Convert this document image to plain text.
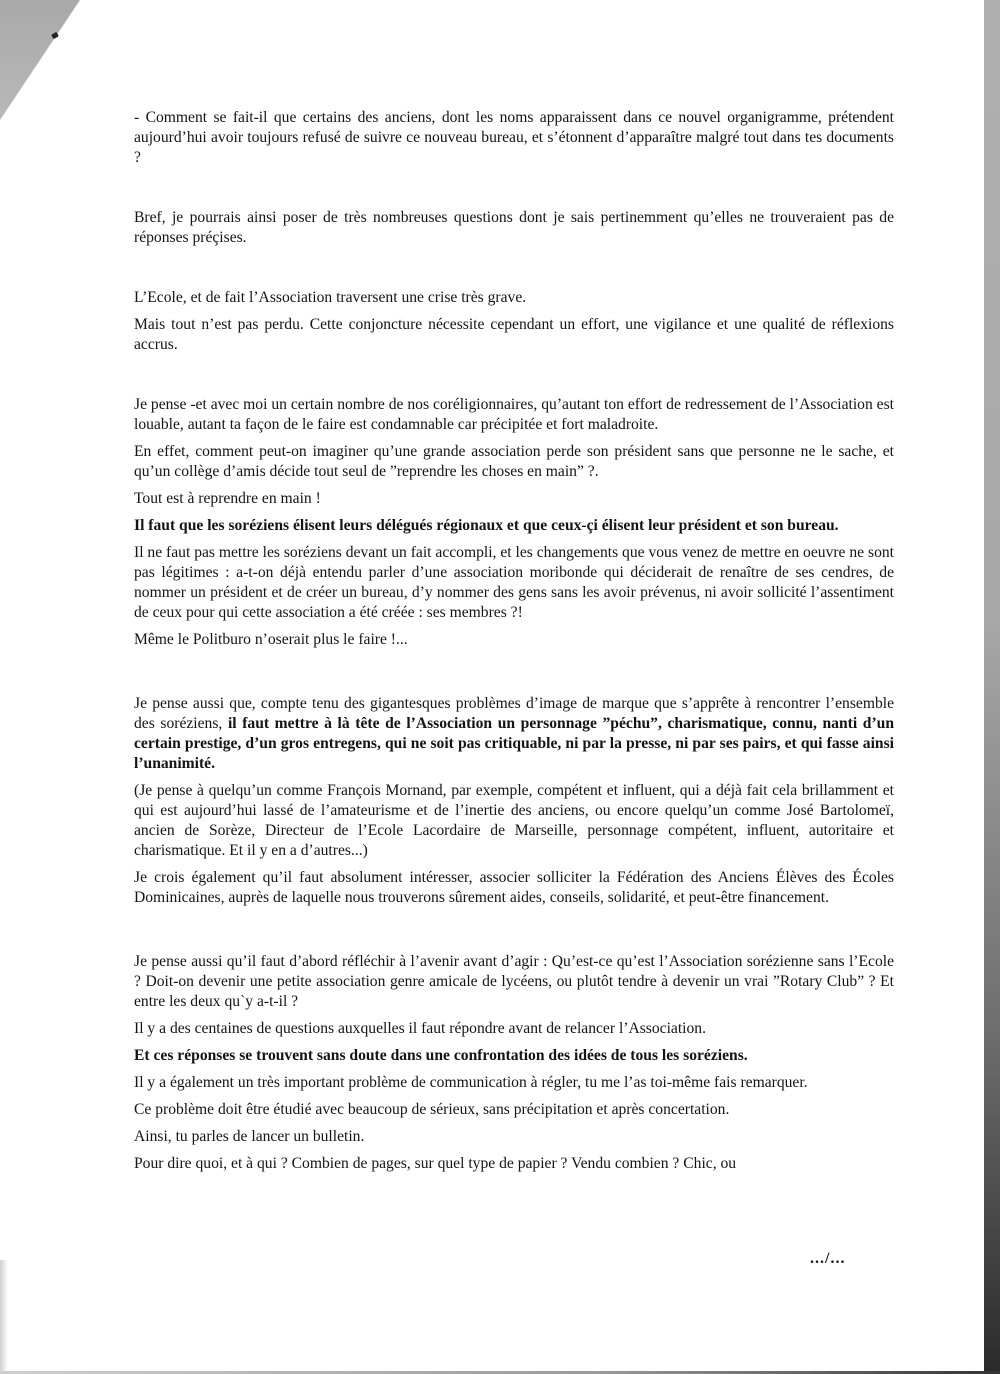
- Comment se fait-il que certains des anciens, dont les noms apparaissent dans ce nouvel organigramme, prétendent aujourd’hui avoir toujours refusé de suivre ce nouveau bureau, et s’étonnent d’apparaître malgré tout dans tes documents ?

Bref, je pourrais ainsi poser de très nombreuses questions dont je sais pertinemment qu’elles ne trouveraient pas de réponses préçises.

L’Ecole, et de fait l’Association traversent une crise très grave.

Mais tout n’est pas perdu. Cette conjoncture nécessite cependant un effort, une vigilance et une qualité de réflexions accrus.

Je pense -et avec moi un certain nombre de nos coréligionnaires, qu’autant ton effort de redressement de l’Association est louable, autant ta façon de le faire est condamnable car précipitée et fort maladroite.

En effet, comment peut-on imaginer qu’une grande association perde son président sans que personne ne le sache, et qu’un collège d’amis décide tout seul de ”reprendre les choses en main” ?.

Tout est à reprendre en main !

Il faut que les soréziens élisent leurs délégués régionaux et que ceux-çi élisent leur président et son bureau.

Il ne faut pas mettre les soréziens devant un fait accompli, et les changements que vous venez de mettre en oeuvre ne sont pas légitimes : a-t-on déjà entendu parler d’une association moribonde qui déciderait de renaître de ses cendres, de nommer un président et de créer un bureau, d’y nommer des gens sans les avoir prévenus, ni avoir sollicité l’assentiment de ceux pour qui cette association a été créée : ses membres ?!

Même le Politburo n’oserait plus le faire !...

Je pense aussi que, compte tenu des gigantesques problèmes d’image de marque que s’apprête à rencontrer l’ensemble des soréziens, il faut mettre à là tête de l’Association un personnage ”péchu”, charismatique, connu, nanti d’un certain prestige, d’un gros entregens, qui ne soit pas critiquable, ni par la presse, ni par ses pairs, et qui fasse ainsi l’unanimité.

(Je pense à quelqu’un comme François Mornand, par exemple, compétent et influent, qui a déjà fait cela brillamment et qui est aujourd’hui lassé de l’amateurisme et de l’inertie des anciens, ou encore quelqu’un comme José Bartolomeï, ancien de Sorèze, Directeur de l’Ecole Lacordaire de Marseille, personnage compétent, influent, autoritaire et charismatique. Et il y en a d’autres...)

Je crois également qu’il faut absolument intéresser, associer solliciter la Fédération des Anciens Élèves des Écoles Dominicaines, auprès de laquelle nous trouverons sûrement aides, conseils, solidarité, et peut-être financement.

Je pense aussi qu’il faut d’abord réfléchir à l’avenir avant d’agir : Qu’est-ce qu’est l’Association sorézienne sans l’Ecole ? Doit-on devenir une petite association genre amicale de lycéens, ou plutôt tendre à devenir un vrai ”Rotary Club” ? Et entre les deux qu`y a-t-il ?

Il y a des centaines de questions auxquelles il faut répondre avant de relancer l’Association.

Et ces réponses se trouvent sans doute dans une confrontation des idées de tous les soréziens.

Il y a également un très important problème de communication à régler, tu me l’as toi-même fais remarquer.

Ce problème doit être étudié avec beaucoup de sérieux, sans précipitation et après concertation.

Ainsi, tu parles de lancer un bulletin.

Pour dire quoi, et à qui ? Combien de pages, sur quel type de papier ? Vendu combien ? Chic, ou

.../...
